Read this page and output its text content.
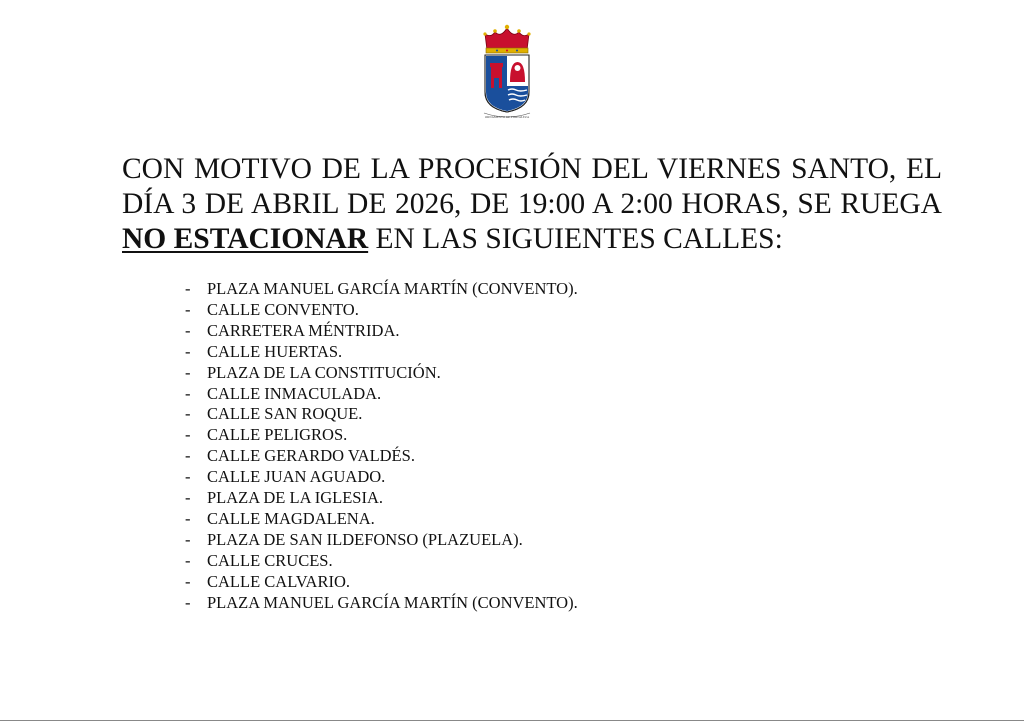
ORNAMENTO DE FORTALEZA
CON MOTIVO DE LA PROCESIÓN DEL VIERNES SANTO, EL
DÍA 3 DE ABRIL DE 2026, DE 19:00 A 2:00 HORAS, SE RUEGA
NO ESTACIONAR EN LAS SIGUIENTES CALLES:
-	PLAZA MANUEL GARCÍA MARTÍN (CONVENTO).
-	CALLE CONVENTO.
-	CARRETERA MÉNTRIDA.
-	CALLE HUERTAS.
-	PLAZA DE LA CONSTITUCIÓN.
-	CALLE INMACULADA.
-	CALLE SAN ROQUE.
-	CALLE PELIGROS.
-	CALLE GERARDO VALDÉS.
-	CALLE JUAN AGUADO.
-	PLAZA DE LA IGLESIA.
-	CALLE MAGDALENA.
-	PLAZA DE SAN ILDEFONSO (PLAZUELA).
-	CALLE CRUCES.
-	CALLE CALVARIO.
-	PLAZA MANUEL GARCÍA MARTÍN (CONVENTO).
